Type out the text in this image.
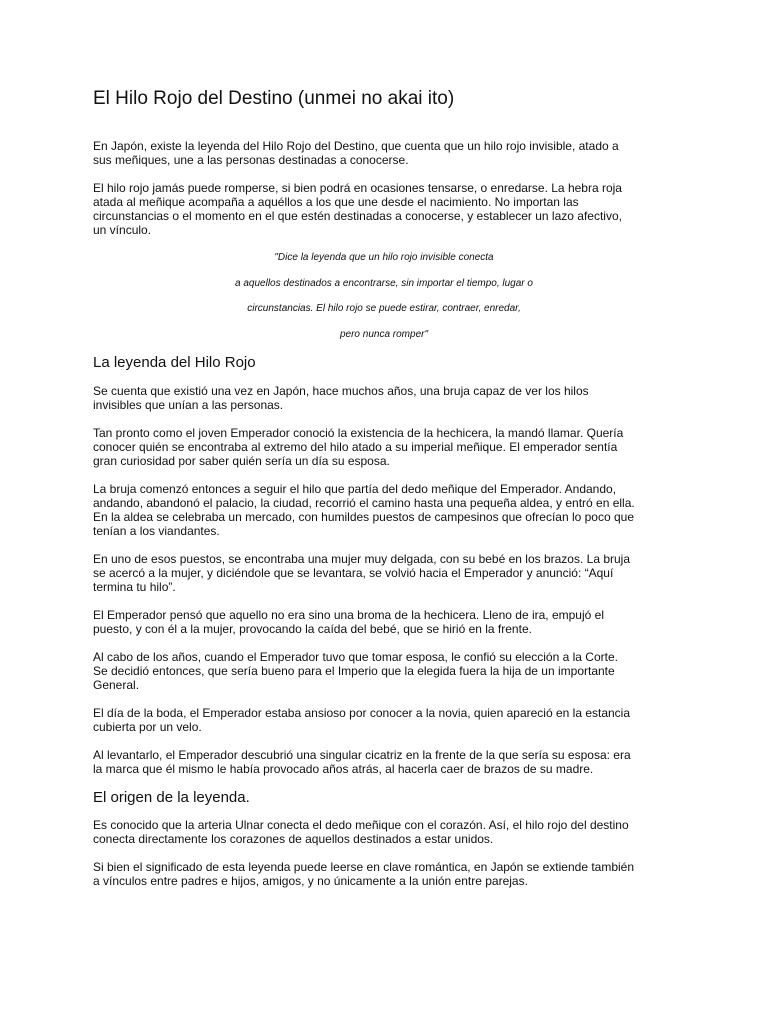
El Hilo Rojo del Destino (unmei no akai ito)

En Japón, existe la leyenda del Hilo Rojo del Destino, que cuenta que un hilo rojo invisible, atado a
sus meñiques, une a las personas destinadas a conocerse.

El hilo rojo jamás puede romperse, si bien podrá en ocasiones tensarse, o enredarse. La hebra roja
atada al meñique acompaña a aquéllos a los que une desde el nacimiento. No importan las
circunstancias o el momento en el que estén destinadas a conocerse, y establecer un lazo afectivo,
un vínculo.

"Dice la leyenda que un hilo rojo invisible conecta

a aquellos destinados a encontrarse, sin importar el tiempo, lugar o

circunstancias. El hilo rojo se puede estirar, contraer, enredar,

pero nunca romper"

La leyenda del Hilo Rojo

Se cuenta que existió una vez en Japón, hace muchos años, una bruja capaz de ver los hilos
invisibles que unían a las personas.

Tan pronto como el joven Emperador conoció la existencia de la hechicera, la mandó llamar. Quería
conocer quién se encontraba al extremo del hilo atado a su imperial meñique. El emperador sentía
gran curiosidad por saber quién sería un día su esposa.

La bruja comenzó entonces a seguir el hilo que partía del dedo meñique del Emperador. Andando,
andando, abandonó el palacio, la ciudad, recorrió el camino hasta una pequeña aldea, y entró en ella.
En la aldea se celebraba un mercado, con humildes puestos de campesinos que ofrecían lo poco que
tenían a los viandantes.

En uno de esos puestos, se encontraba una mujer muy delgada, con su bebé en los brazos. La bruja
se acercó a la mujer, y diciéndole que se levantara, se volvió hacia el Emperador y anunció: “Aquí
termina tu hilo”.

El Emperador pensó que aquello no era sino una broma de la hechicera. Lleno de ira, empujó el
puesto, y con él a la mujer, provocando la caída del bebé, que se hirió en la frente.

Al cabo de los años, cuando el Emperador tuvo que tomar esposa, le confió su elección a la Corte.
Se decidió entonces, que sería bueno para el Imperio que la elegida fuera la hija de un importante
General.

El día de la boda, el Emperador estaba ansioso por conocer a la novia, quien apareció en la estancia
cubierta por un velo.

Al levantarlo, el Emperador descubrió una singular cicatriz en la frente de la que sería su esposa: era
la marca que él mismo le había provocado años atrás, al hacerla caer de brazos de su madre.

El origen de la leyenda.

Es conocido que la arteria Ulnar conecta el dedo meñique con el corazón. Así, el hilo rojo del destino
conecta directamente los corazones de aquellos destinados a estar unidos.

Si bien el significado de esta leyenda puede leerse en clave romántica, en Japón se extiende también
a vínculos entre padres e hijos, amigos, y no únicamente a la unión entre parejas.
